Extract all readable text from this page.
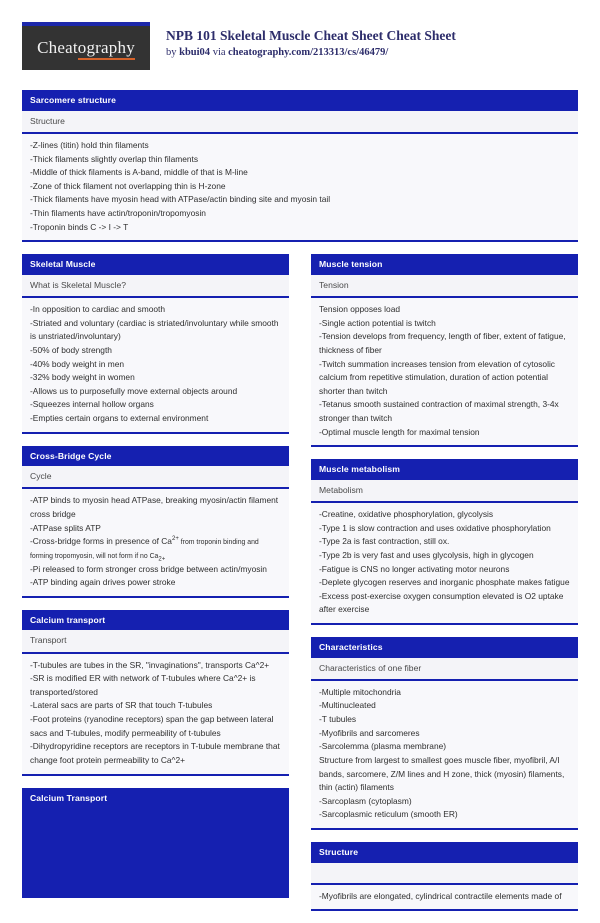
Cheatography
NPB 101 Skeletal Muscle Cheat Sheet Cheat Sheet

by kbui04 via cheatography.com/213313/cs/46479/

Sarcomere structure
Structure

-Z-lines (titin) hold thin filaments

-Thick filaments slightly overlap thin filaments

-Middle of thick filaments is A-band, middle of that is M-line

-Zone of thick filament not overlapping thin is H-zone

-Thick filaments have myosin head with ATPase/actin binding site and myosin tail

-Thin filaments have actin/troponin/tropomyosin

-Troponin binds C -> I -> T

Skeletal Muscle
What is Skeletal Muscle?

-In opposition to cardiac and smooth

-Striated and voluntary (cardiac is striated/involuntary while smooth is unstriated/involuntary)

-50% of body strength

-40% body weight in men

-32% body weight in women

-Allows us to purposefully move external objects around

-Squeezes internal hollow organs

-Empties certain organs to external environment

Cross-Bridge Cycle
Cycle

-ATP binds to myosin head ATPase, breaking myosin/actin filament cross bridge

-ATPase splits ATP

-Cross-bridge forms in presence of $Ca^{2+}$ from troponin binding and forming tropomyosin, will not form if no $Ca_{2+}$

-Pi released to form stronger cross bridge between actin/myosin

-ATP binding again drives power stroke

Calcium transport
Transport

-T-tubules are tubes in the SR, "invaginations", transports Ca^2+

-SR is modified ER with network of T-tubules where Ca^2+ is transported/stored

-Lateral sacs are parts of SR that touch T-tubules

-Foot proteins (ryanodine receptors) span the gap between lateral sacs and T-tubules, modify permeability of t-tubules

-Dihydropyridine receptors are receptors in T-tubule membrane that change foot protein permeability to Ca^2+

Calcium Transport
Muscle tension
Tension

Tension opposes load

-Single action potential is twitch

-Tension develops from frequency, length of fiber, extent of fatigue, thickness of fiber

-Twitch summation increases tension from elevation of cytosolic calcium from repetitive stimulation, duration of action potential shorter than twitch

-Tetanus smooth sustained contraction of maximal strength, 3-4x stronger than twitch

-Optimal muscle length for maximal tension

Muscle metabolism
Metabolism

-Creatine, oxidative phosphorylation, glycolysis

-Type 1 is slow contraction and uses oxidative phosphorylation

-Type 2a is fast contraction, still ox.

-Type 2b is very fast and uses glycolysis, high in glycogen

-Fatigue is CNS no longer activating motor neurons

-Deplete glycogen reserves and inorganic phosphate makes fatigue

-Excess post-exercise oxygen consumption elevated is O2 uptake after exercise

Characteristics
Characteristics of one fiber

-Multiple mitochondria

-Multinucleated

-T tubules

-Myofibrils and sarcomeres

-Sarcolemma (plasma membrane)

Structure from largest to smallest goes muscle fiber, myofibril, A/I bands, sarcomere, Z/M lines and H zone, thick (myosin) filaments, thin (actin) filaments

-Sarcoplasm (cytoplasm)

-Sarcoplasmic reticulum (smooth ER)

Structure

-Myofibrils are elongated, cylindrical contractile elements made of
